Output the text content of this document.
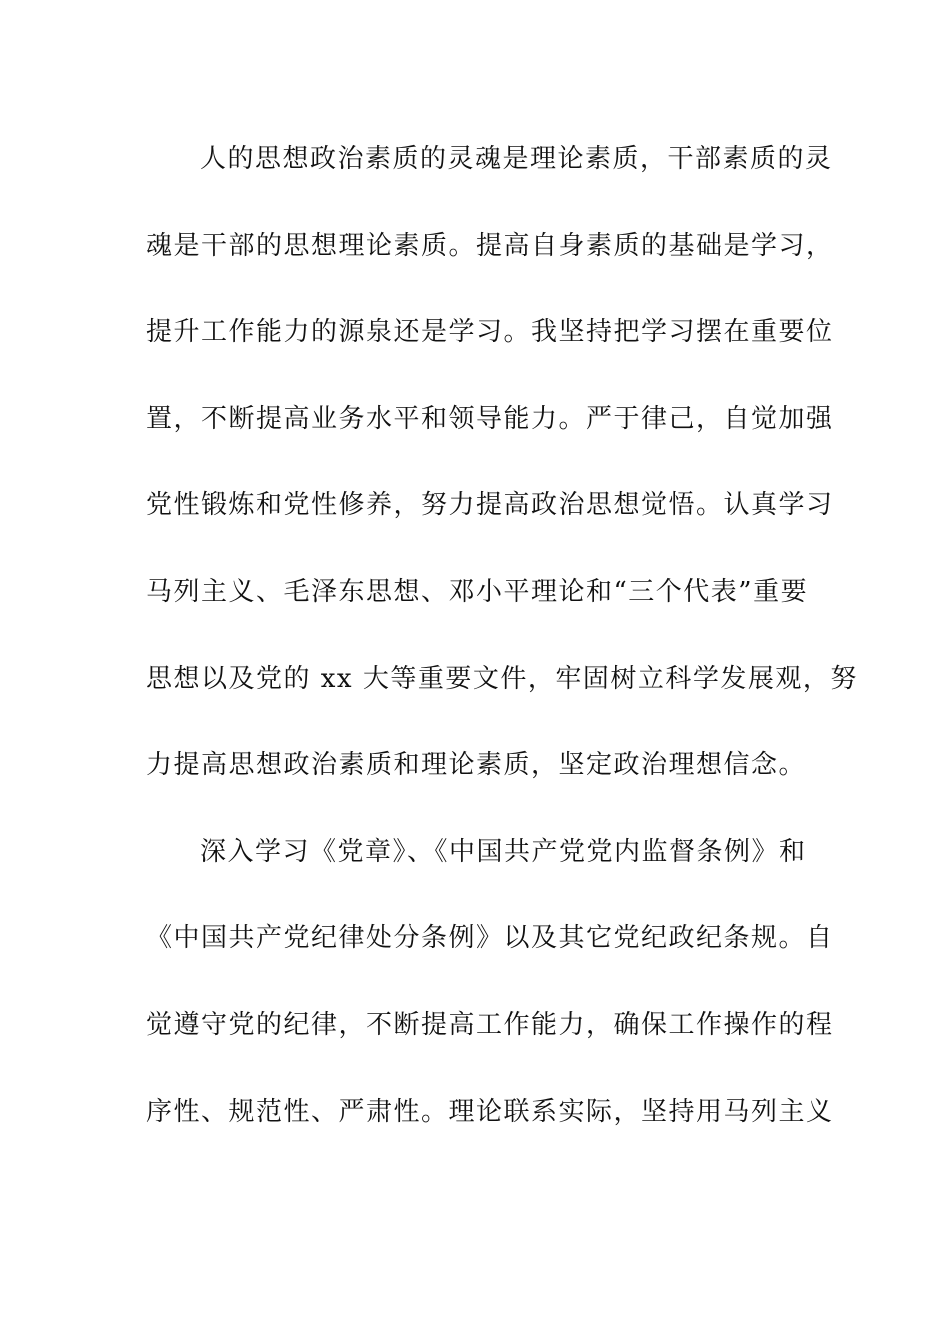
人的思想政治素质的灵魂是理论素质，干部素质的灵
魂是干部的思想理论素质。提高自身素质的基础是学习，
提升工作能力的源泉还是学习。我坚持把学习摆在重要位
置，不断提高业务水平和领导能力。严于律己，自觉加强
党性锻炼和党性修养，努力提高政治思想觉悟。认真学习
马列主义、毛泽东思想、邓小平理论和“三个代表”重要
思想以及党的 xx 大等重要文件，牢固树立科学发展观，努
力提高思想政治素质和理论素质，坚定政治理想信念。
深入学习《党章》、《中国共产党党内监督条例》和
《中国共产党纪律处分条例》以及其它党纪政纪条规。自
觉遵守党的纪律，不断提高工作能力，确保工作操作的程
序性、规范性、严肃性。理论联系实际，坚持用马列主义
